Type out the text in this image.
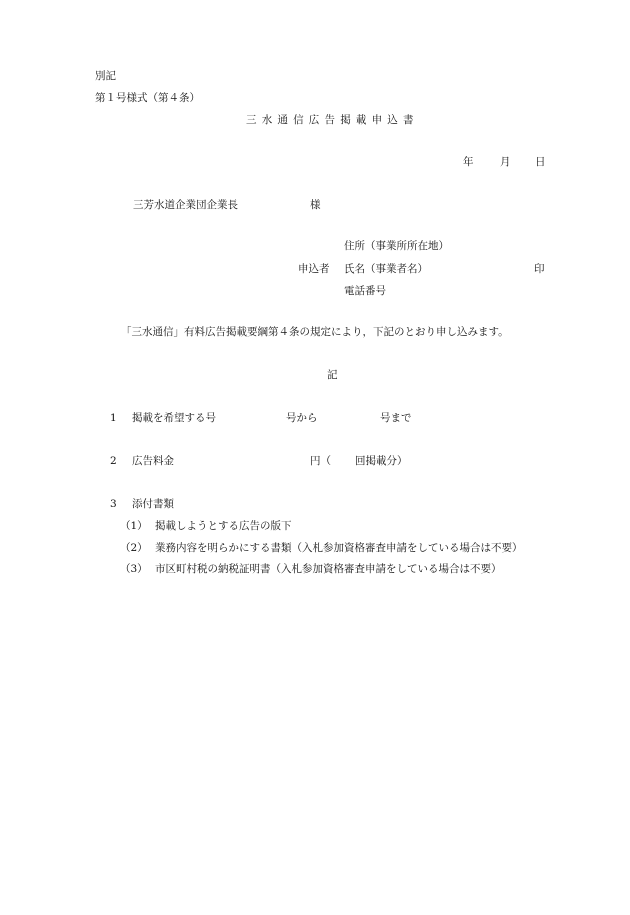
別記
第１号様式（第４条）
三水通信広告掲載申込書
年	月 日
三芳水道企業団企業長	様
住所（事業所所在地）
申込者 氏名（事業者名）	印
電話番号
「三水通信」有料広告掲載要綱第４条の規定により，下記のとおり申し込みます。
記
1 掲載を希望する号	号から	号まで
2 広告料金	円（ 回掲載分）
3 添付書類
（1） 掲載しようとする広告の版下
（2） 業務内容を明らかにする書類（入札参加資格審査申請をしている場合は不要）
（3） 市区町村税の納税証明書（入札参加資格審査申請をしている場合は不要）
